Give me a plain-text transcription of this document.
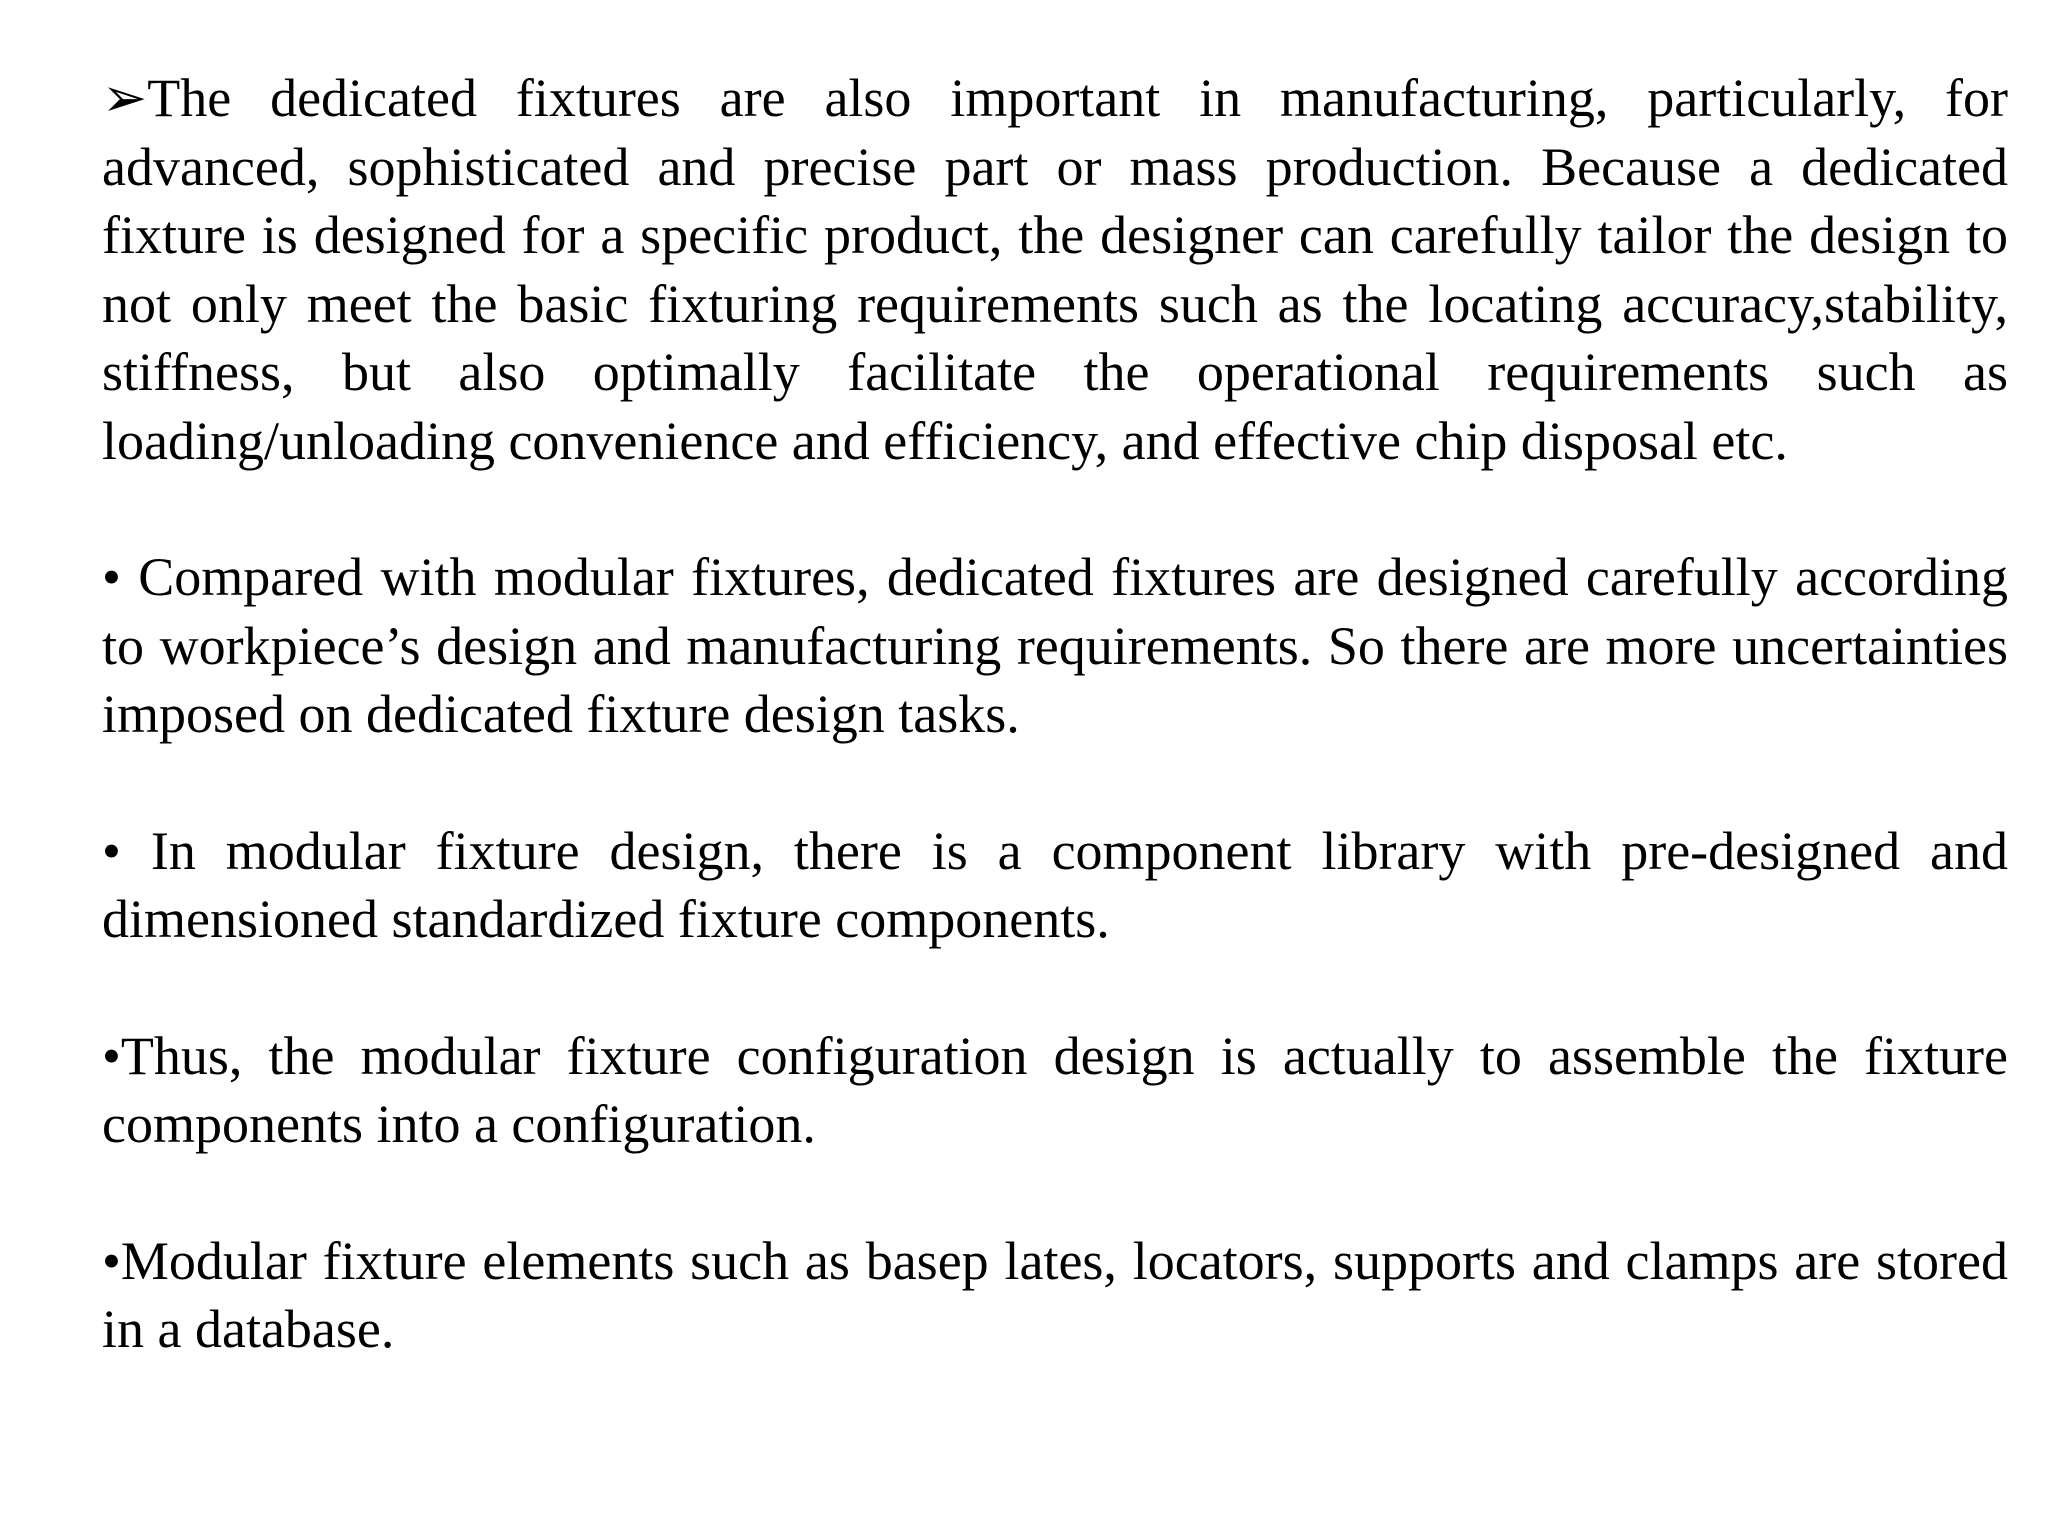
➢The dedicated fixtures are also important in manufacturing, particularly, for advanced, sophisticated and precise part or mass production. Because a dedicated fixture is designed for a specific product, the designer can carefully tailor the design to not only meet the basic fixturing requirements such as the locating accuracy,stability, stiffness, but also optimally facilitate the operational requirements such as loading/unloading convenience and efficiency, and effective chip disposal etc.

• Compared with modular fixtures, dedicated fixtures are designed carefully according to workpiece’s design and manufacturing requirements. So there are more uncertainties imposed on dedicated fixture design tasks.

• In modular fixture design, there is a component library with pre-designed and dimensioned standardized fixture components.

•Thus, the modular fixture configuration design is actually to assemble the fixture components into a configuration.

•Modular fixture elements such as basep lates, locators, supports and clamps are stored in a database.
